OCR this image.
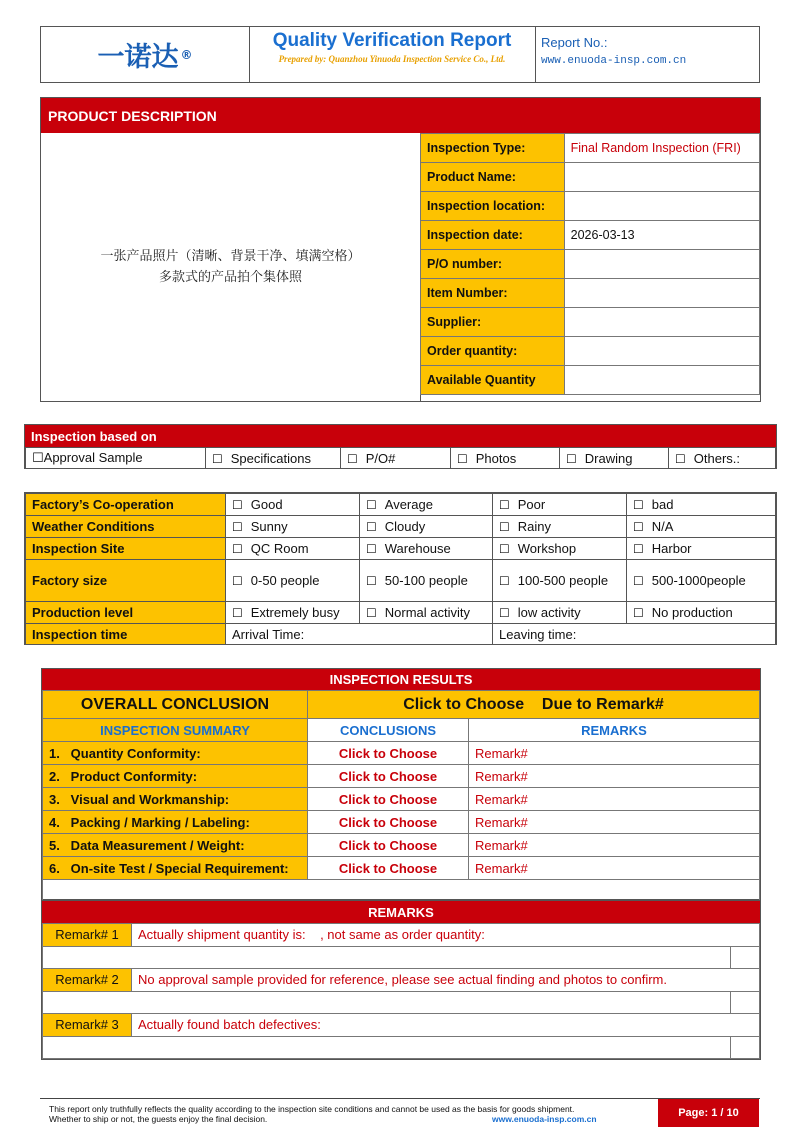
一诺达 ®
Quality Verification Report
Prepared by: Quanzhou Yinuoda Inspection Service Co., Ltd.
Report No.:
www.enuoda-insp.com.cn
PRODUCT DESCRIPTION
一张产品照片（清晰、背景干净、填满空格）
多款式的产品拍个集体照
Inspection Type:	Final Random Inspection (FRI)
Product Name:	
Inspection location:	
Inspection date:	2026-03-13
P/O number:	
Item Number:	
Supplier:	
Order quantity:	
Available Quantity	
Inspection based on
☐Approval Sample	☐ Specifications	☐ P/O#	☐ Photos	☐ Drawing	☐ Others.:
Factory’s Co-operation	☐ Good	☐ Average	☐ Poor	☐ bad
Weather Conditions	☐ Sunny	☐ Cloudy	☐ Rainy	☐ N/A
Inspection Site	☐ QC Room	☐ Warehouse	☐ Workshop	☐ Harbor
Factory size	☐ 0-50 people	☐ 50-100 people	☐ 100-500 people	☐ 500-1000people
Production level	☐ Extremely busy	☐ Normal activity	☐ low activity	☐ No production
Inspection time	Arrival Time:		Leaving time:	
INSPECTION RESULTS
OVERALL CONCLUSION	Click to Choose    Due to Remark#	
INSPECTION SUMMARY	CONCLUSIONS	REMARKS
1.   Quantity Conformity:	Click to Choose	Remark#
2.   Product Conformity:	Click to Choose	Remark#
3.   Visual and Workmanship:	Click to Choose	Remark#
4.   Packing / Marking / Labeling:	Click to Choose	Remark#
5.   Data Measurement / Weight:	Click to Choose	Remark#
6.   On-site Test / Special Requirement:	Click to Choose	Remark#

REMARKS
Remark# 1	Actually shipment quantity is:    , not same as order quantity:	

Remark# 2	No approval sample provided for reference, please see actual finding and photos to confirm.	

Remark# 3	Actually found batch defectives:	

This report only truthfully reflects the quality according to the inspection site conditions and cannot be used as the basis for goods shipment.
Whether to ship or not, the guests enjoy the final decision.	www.enuoda-insp.com.cn	Page: 1 / 10
